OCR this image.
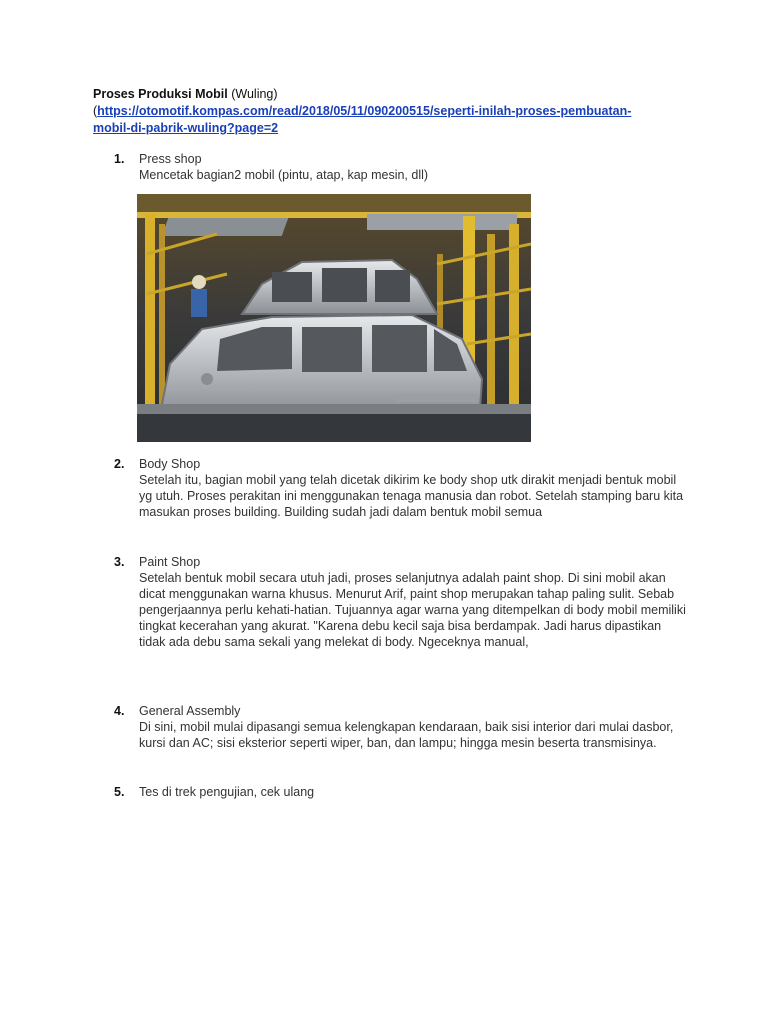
Proses Produksi Mobil (Wuling)
(https://otomotif.kompas.com/read/2018/05/11/090200515/seperti-inilah-proses-pembuatan-
mobil-di-pabrik-wuling?page=2
1. Press shop
Mencetak bagian2 mobil (pintu, atap, kap mesin, dll)
2. Body Shop
Setelah itu, bagian mobil yang telah dicetak dikirim ke body shop utk dirakit menjadi bentuk mobil yg utuh. Proses perakitan ini menggunakan tenaga manusia dan robot. Setelah stamping baru kita masukan proses building. Building sudah jadi dalam bentuk mobil semua
3. Paint Shop
Setelah bentuk mobil secara utuh jadi, proses selanjutnya adalah paint shop. Di sini mobil akan dicat menggunakan warna khusus. Menurut Arif, paint shop merupakan tahap paling sulit. Sebab pengerjaannya perlu kehati-hatian. Tujuannya agar warna yang ditempelkan di body mobil memiliki tingkat kecerahan yang akurat. "Karena debu kecil saja bisa berdampak. Jadi harus dipastikan tidak ada debu sama sekali yang melekat di body. Ngeceknya manual,
4. General Assembly
Di sini, mobil mulai dipasangi semua kelengkapan kendaraan, baik sisi interior dari mulai dasbor, kursi dan AC; sisi eksterior seperti wiper, ban, dan lampu; hingga mesin beserta transmisinya.
5. Tes di trek pengujian, cek ulang
